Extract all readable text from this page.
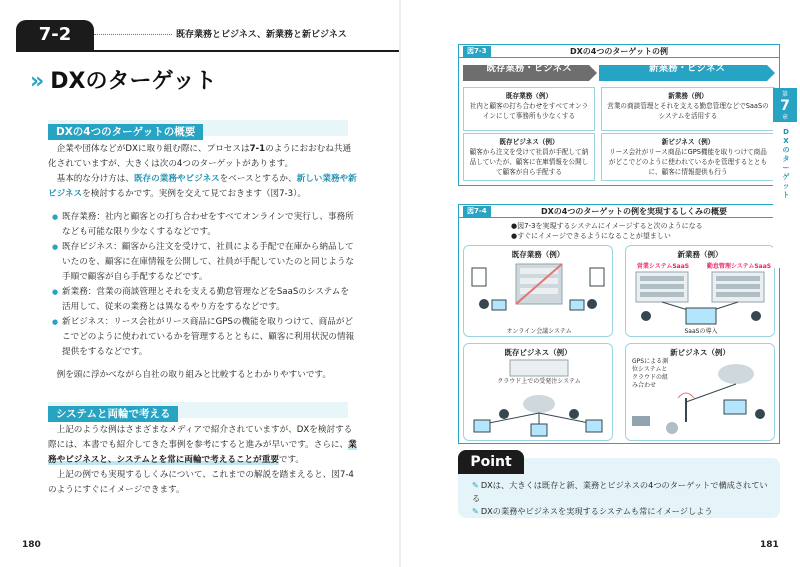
7-2	既存業務とビジネス、新業務と新ビジネス
» DXのターゲット
DXの4つのターゲットの概要

企業や団体などがDXに取り組む際に、プロセスは7-1のようにおおむね共通化されていますが、大きくは次の4つのターゲットがあります。

基本的な分け方は、既存の業務やビジネスをベースとするか、新しい業務や新ビジネスを検討するかです。実例を交えて見ておきます（図7-3）。

● 既存業務：社内と顧客との打ち合わせをすべてオンラインで実行し、事務所なども可能な限り少なくするなどです。
● 既存ビジネス：顧客から注文を受けて、社員による手配で在庫から納品していたのを、顧客に在庫情報を公開して、社員が手配していたのと同じような手順で顧客が自ら手配するなどです。
● 新業務：営業の商談管理とそれを支える勤怠管理などをSaaSのシステムを活用して、従来の業務とは異なるやり方をするなどです。
● 新ビジネス：リース会社がリース商品にGPSの機能を取りつけて、商品がどこでどのように使われているかを管理するとともに、顧客に利用状況の情報提供をするなどです。

例を頭に浮かべながら自社の取り組みと比較するとわかりやすいです。

システムと両輪で考える

上記のような例はさまざまなメディアで紹介されていますが、DXを検討する際には、本書でも紹介してきた事例を参考にすると進みが早いです。さらに、業務やビジネスと、システムとを常に両輪で考えることが重要です。

上記の例でも実現するしくみについて、これまでの解説を踏まえると、図7-4のようにすぐにイメージできます。

180
図7-3	DXの4つのターゲットの例
既存業務・ビジネス	新業務・ビジネス
既存業務（例）
社内と顧客の打ち合わせをすべてオンラインにして事務所も少なくする
既存ビジネス（例）
顧客から注文を受けて社員が手配して納品していたが、顧客に在庫情報を公開して顧客が自ら手配する
新業務（例）
営業の商談管理とそれを支える勤怠管理などでSaaSのシステムを活用する
新ビジネス（例）
リース会社がリース商品にGPS機能を取りつけて商品がどこでどのように使われているかを管理するとともに、顧客に情報提供も行う
図7-4	DXの4つのターゲットの例を実現するしくみの概要
●図7-3を実現するシステムにイメージすると次のようになる
●すぐにイメージできるようになることが望ましい
既存業務（例）
オンライン会議システム
新業務（例）
営業システムSaaS	勤怠管理システムSaaS
SaaSの導入
既存ビジネス（例）
クラウド上での受発注システム
新ビジネス（例）
GPSによる測位システムとクラウドの組み合わせ
第
7
章
DXのターゲット
Point
✎ DXは、大きくは既存と新、業務とビジネスの4つのターゲットで構成されている
✎ DXの業務やビジネスを実現するシステムも常にイメージしよう
181
